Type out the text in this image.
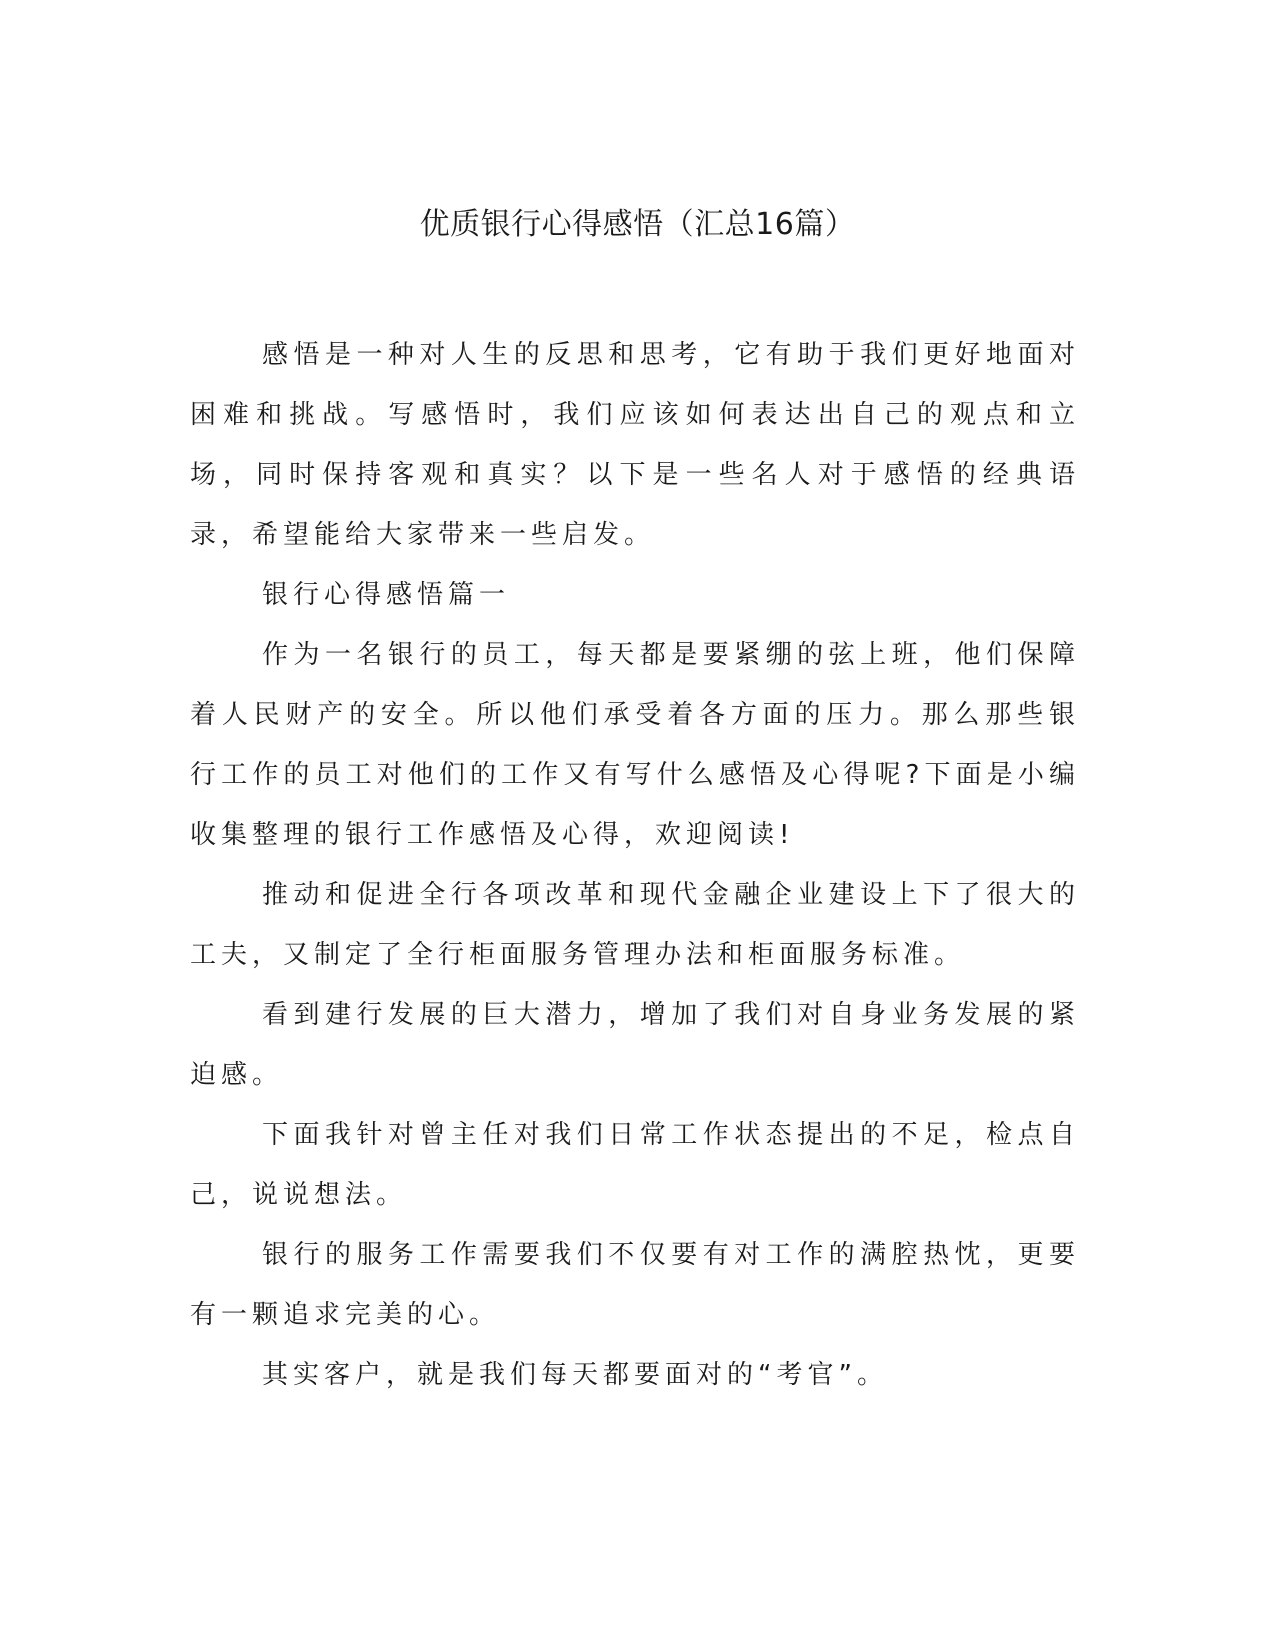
优质银行心得感悟（汇总16篇）

感悟是一种对人生的反思和思考，它有助于我们更好地面对困难和挑战。写感悟时，我们应该如何表达出自己的观点和立场，同时保持客观和真实？以下是一些名人对于感悟的经典语录，希望能给大家带来一些启发。

银行心得感悟篇一

作为一名银行的员工，每天都是要紧绷的弦上班，他们保障着人民财产的安全。所以他们承受着各方面的压力。那么那些银行工作的员工对他们的工作又有写什么感悟及心得呢?下面是小编收集整理的银行工作感悟及心得，欢迎阅读!

推动和促进全行各项改革和现代金融企业建设上下了很大的工夫，又制定了全行柜面服务管理办法和柜面服务标准。

看到建行发展的巨大潜力，增加了我们对自身业务发展的紧迫感。

下面我针对曾主任对我们日常工作状态提出的不足，检点自己，说说想法。

银行的服务工作需要我们不仅要有对工作的满腔热忱，更要有一颗追求完美的心。

其实客户，就是我们每天都要面对的“考官”。
